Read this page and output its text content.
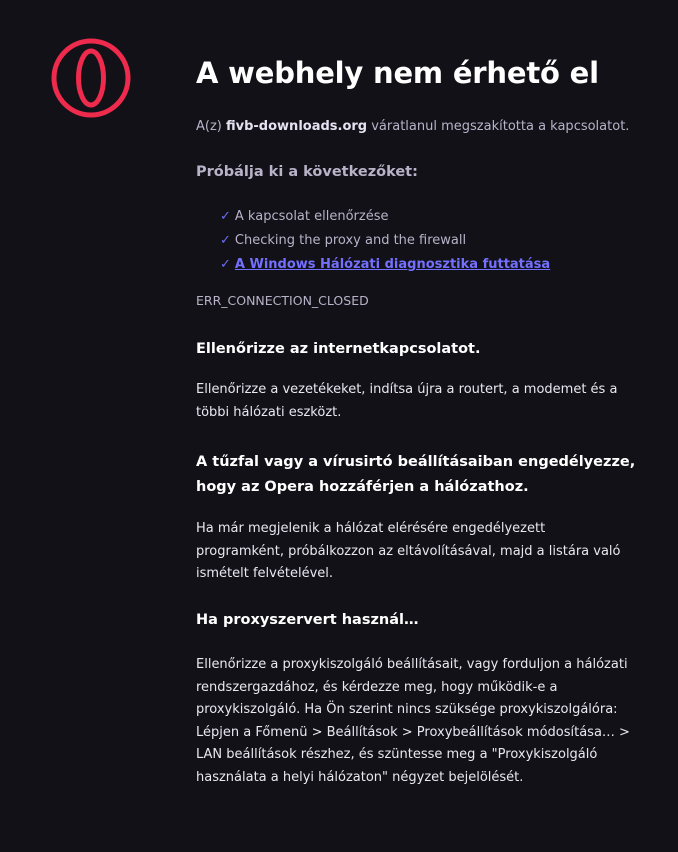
A webhely nem érhető el
A(z) fivb-downloads.org váratlanul megszakította a kapcsolatot.
Próbálja ki a következőket:
✓ A kapcsolat ellenőrzése
✓ Checking the proxy and the firewall
✓ A Windows Hálózati diagnosztika futtatása
ERR_CONNECTION_CLOSED
Ellenőrizze az internetkapcsolatot.
Ellenőrizze a vezetékeket, indítsa újra a routert, a modemet és a többi hálózati eszközt.
A tűzfal vagy a vírusirtó beállításaiban engedélyezze, hogy az Opera hozzáférjen a hálózathoz.
Ha már megjelenik a hálózat elérésére engedélyezett programként, próbálkozzon az eltávolításával, majd a listára való ismételt felvételével.
Ha proxyszervert használ…
Ellenőrizze a proxykiszolgáló beállításait, vagy forduljon a hálózati rendszergazdához, és kérdezze meg, hogy működik-e a proxykiszolgáló. Ha Ön szerint nincs szüksége proxykiszolgálóra: Lépjen a Főmenü > Beállítások > Proxybeállítások módosítása… > LAN beállítások részhez, és szüntesse meg a "Proxykiszolgáló használata a helyi hálózaton" négyzet bejelölését.
